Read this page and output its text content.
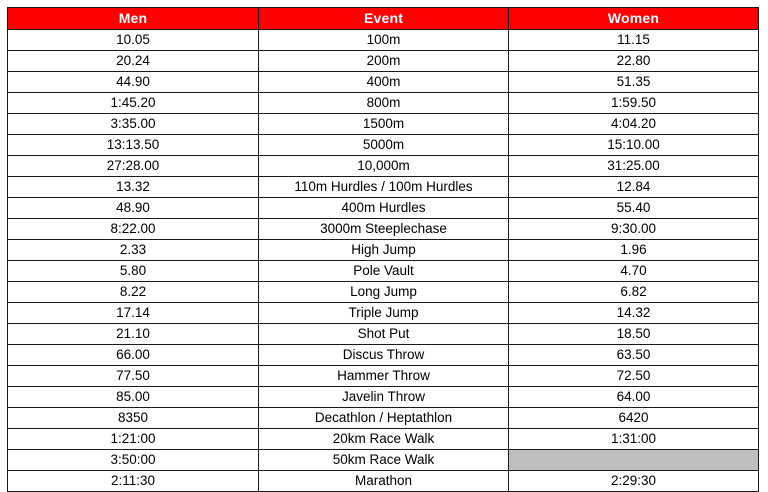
Men	Event	Women
10.05	100m	11.15
20.24	200m	22.80
44.90	400m	51.35
1:45.20	800m	1:59.50
3:35.00	1500m	4:04.20
13:13.50	5000m	15:10.00
27:28.00	10,000m	31:25.00
13.32	110m Hurdles / 100m Hurdles	12.84
48.90	400m Hurdles	55.40
8:22.00	3000m Steeplechase	9:30.00
2.33	High Jump	1.96
5.80	Pole Vault	4.70
8.22	Long Jump	6.82
17.14	Triple Jump	14.32
21.10	Shot Put	18.50
66.00	Discus Throw	63.50
77.50	Hammer Throw	72.50
85.00	Javelin Throw	64.00
8350	Decathlon / Heptathlon	6420
1:21:00	20km Race Walk	1:31:00
3:50:00	50km Race Walk	
2:11:30	Marathon	2:29:30
